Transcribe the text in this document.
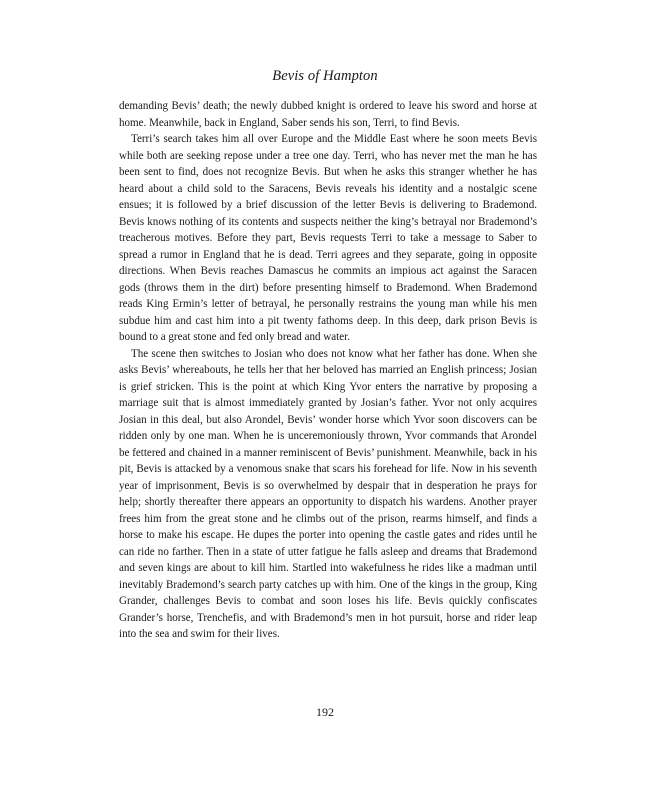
Bevis of Hampton

demanding Bevis’ death; the newly dubbed knight is ordered to leave his sword and horse at home. Meanwhile, back in England, Saber sends his son, Terri, to find Bevis.

Terri’s search takes him all over Europe and the Middle East where he soon meets Bevis while both are seeking repose under a tree one day. Terri, who has never met the man he has been sent to find, does not recognize Bevis. But when he asks this stranger whether he has heard about a child sold to the Saracens, Bevis reveals his identity and a nostalgic scene ensues; it is followed by a brief discussion of the letter Bevis is delivering to Brademond. Bevis knows nothing of its contents and suspects neither the king’s betrayal nor Brademond’s treacherous motives. Before they part, Bevis requests Terri to take a message to Saber to spread a rumor in England that he is dead. Terri agrees and they separate, going in opposite directions. When Bevis reaches Damascus he commits an impious act against the Saracen gods (throws them in the dirt) before presenting himself to Brademond. When Brademond reads King Ermin’s letter of betrayal, he personally restrains the young man while his men subdue him and cast him into a pit twenty fathoms deep. In this deep, dark prison Bevis is bound to a great stone and fed only bread and water.

The scene then switches to Josian who does not know what her father has done. When she asks Bevis’ whereabouts, he tells her that her beloved has married an English princess; Josian is grief stricken. This is the point at which King Yvor enters the narrative by proposing a marriage suit that is almost immediately granted by Josian’s father. Yvor not only acquires Josian in this deal, but also Arondel, Bevis’ wonder horse which Yvor soon discovers can be ridden only by one man. When he is unceremoniously thrown, Yvor commands that Arondel be fettered and chained in a manner reminiscent of Bevis’ punishment. Meanwhile, back in his pit, Bevis is attacked by a venomous snake that scars his forehead for life. Now in his seventh year of imprisonment, Bevis is so overwhelmed by despair that in desperation he prays for help; shortly thereafter there appears an opportunity to dispatch his wardens. Another prayer frees him from the great stone and he climbs out of the prison, rearms himself, and finds a horse to make his escape. He dupes the porter into opening the castle gates and rides until he can ride no farther. Then in a state of utter fatigue he falls asleep and dreams that Brademond and seven kings are about to kill him. Startled into wakefulness he rides like a madman until inevitably Brademond’s search party catches up with him. One of the kings in the group, King Grander, challenges Bevis to combat and soon loses his life. Bevis quickly confiscates Grander’s horse, Trenchefis, and with Brademond’s men in hot pursuit, horse and rider leap into the sea and swim for their lives.

192
